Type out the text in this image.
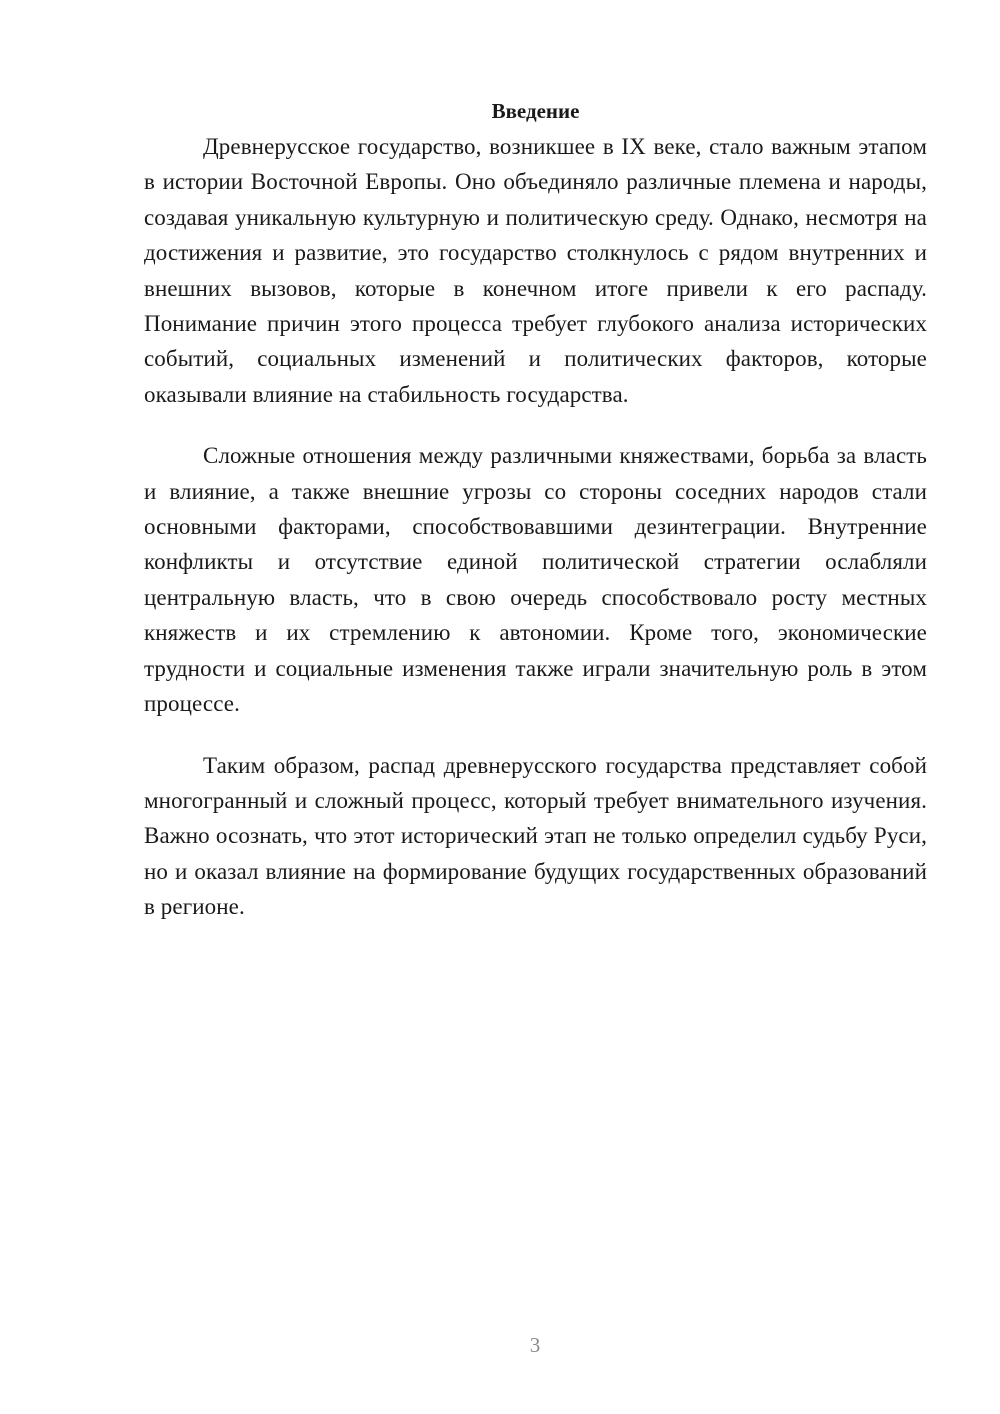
Введение

Древнерусское государство, возникшее в IX веке, стало важным этапом в истории Восточной Европы. Оно объединяло различные племена и народы, создавая уникальную культурную и политическую среду. Однако, несмотря на достижения и развитие, это государство столкнулось с рядом внутренних и внешних вызовов, которые в конечном итоге привели к его распаду. Понимание причин этого процесса требует глубокого анализа исторических событий, социальных изменений и политических факторов, которые оказывали влияние на стабильность государства.

Сложные отношения между различными княжествами, борьба за власть и влияние, а также внешние угрозы со стороны соседних народов стали основными факторами, способствовавшими дезинтеграции. Внутренние конфликты и отсутствие единой политической стратегии ослабляли центральную власть, что в свою очередь способствовало росту местных княжеств и их стремлению к автономии. Кроме того, экономические трудности и социальные изменения также играли значительную роль в этом процессе.

Таким образом, распад древнерусского государства представляет собой многогранный и сложный процесс, который требует внимательного изучения. Важно осознать, что этот исторический этап не только определил судьбу Руси, но и оказал влияние на формирование будущих государственных образований в регионе.

3
